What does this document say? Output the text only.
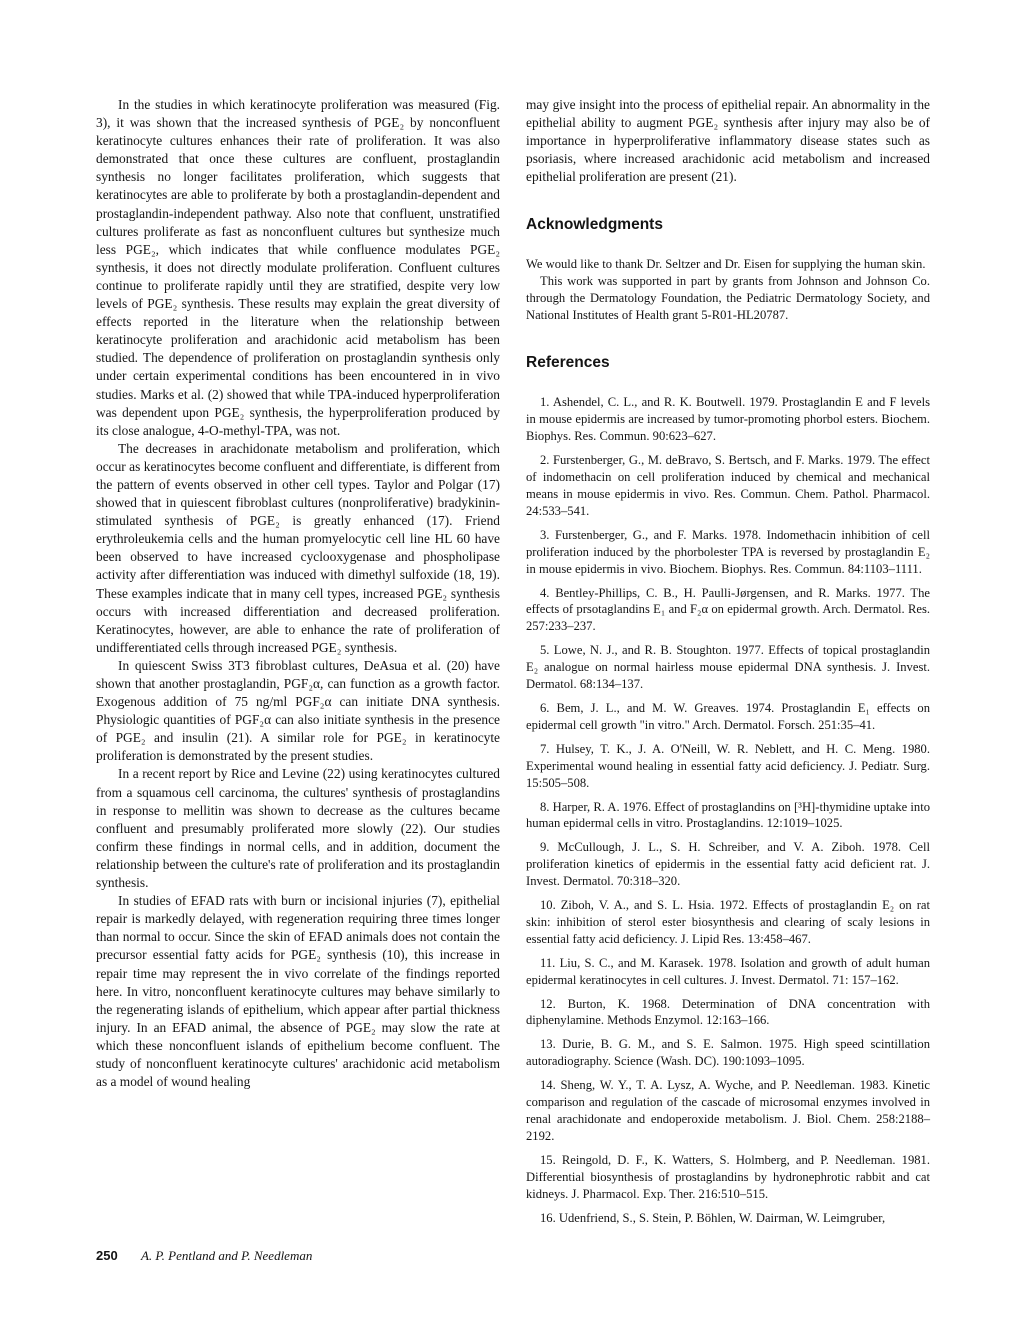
In the studies in which keratinocyte proliferation was measured (Fig. 3), it was shown that the increased synthesis of PGE₂ by nonconfluent keratinocyte cultures enhances their rate of proliferation. It was also demonstrated that once these cultures are confluent, prostaglandin synthesis no longer facilitates proliferation, which suggests that keratinocytes are able to proliferate by both a prostaglandin-dependent and prostaglandin-independent pathway. Also note that confluent, unstratified cultures proliferate as fast as nonconfluent cultures but synthesize much less PGE₂, which indicates that while confluence modulates PGE₂ synthesis, it does not directly modulate proliferation. Confluent cultures continue to proliferate rapidly until they are stratified, despite very low levels of PGE₂ synthesis. These results may explain the great diversity of effects reported in the literature when the relationship between keratinocyte proliferation and arachidonic acid metabolism has been studied. The dependence of proliferation on prostaglandin synthesis only under certain experimental conditions has been encountered in in vivo studies. Marks et al. (2) showed that while TPA-induced hyperproliferation was dependent upon PGE₂ synthesis, the hyperproliferation produced by its close analogue, 4-O-methyl-TPA, was not.

The decreases in arachidonate metabolism and proliferation, which occur as keratinocytes become confluent and differentiate, is different from the pattern of events observed in other cell types. Taylor and Polgar (17) showed that in quiescent fibroblast cultures (nonproliferative) bradykinin-stimulated synthesis of PGE₂ is greatly enhanced (17). Friend erythroleukemia cells and the human promyelocytic cell line HL 60 have been observed to have increased cyclooxygenase and phospholipase activity after differentiation was induced with dimethyl sulfoxide (18, 19). These examples indicate that in many cell types, increased PGE₂ synthesis occurs with increased differentiation and decreased proliferation. Keratinocytes, however, are able to enhance the rate of proliferation of undifferentiated cells through increased PGE₂ synthesis.

In quiescent Swiss 3T3 fibroblast cultures, DeAsua et al. (20) have shown that another prostaglandin, PGF₂α, can function as a growth factor. Exogenous addition of 75 ng/ml PGF₂α can initiate DNA synthesis. Physiologic quantities of PGF₂α can also initiate synthesis in the presence of PGE₂ and insulin (21). A similar role for PGE₂ in keratinocyte proliferation is demonstrated by the present studies.

In a recent report by Rice and Levine (22) using keratinocytes cultured from a squamous cell carcinoma, the cultures' synthesis of prostaglandins in response to mellitin was shown to decrease as the cultures became confluent and presumably proliferated more slowly (22). Our studies confirm these findings in normal cells, and in addition, document the relationship between the culture's rate of proliferation and its prostaglandin synthesis.

In studies of EFAD rats with burn or incisional injuries (7), epithelial repair is markedly delayed, with regeneration requiring three times longer than normal to occur. Since the skin of EFAD animals does not contain the precursor essential fatty acids for PGE₂ synthesis (10), this increase in repair time may represent the in vivo correlate of the findings reported here. In vitro, nonconfluent keratinocyte cultures may behave similarly to the regenerating islands of epithelium, which appear after partial thickness injury. In an EFAD animal, the absence of PGE₂ may slow the rate at which these nonconfluent islands of epithelium become confluent. The study of nonconfluent keratinocyte cultures' arachidonic acid metabolism as a model of wound healing

may give insight into the process of epithelial repair. An abnormality in the epithelial ability to augment PGE₂ synthesis after injury may also be of importance in hyperproliferative inflammatory disease states such as psoriasis, where increased arachidonic acid metabolism and increased epithelial proliferation are present (21).

Acknowledgments

We would like to thank Dr. Seltzer and Dr. Eisen for supplying the human skin.

This work was supported in part by grants from Johnson and Johnson Co. through the Dermatology Foundation, the Pediatric Dermatology Society, and National Institutes of Health grant 5-R01-HL20787.

References

1. Ashendel, C. L., and R. K. Boutwell. 1979. Prostaglandin E and F levels in mouse epidermis are increased by tumor-promoting phorbol esters. Biochem. Biophys. Res. Commun. 90:623–627.

2. Furstenberger, G., M. deBravo, S. Bertsch, and F. Marks. 1979. The effect of indomethacin on cell proliferation induced by chemical and mechanical means in mouse epidermis in vivo. Res. Commun. Chem. Pathol. Pharmacol. 24:533–541.

3. Furstenberger, G., and F. Marks. 1978. Indomethacin inhibition of cell proliferation induced by the phorbolester TPA is reversed by prostaglandin E₂ in mouse epidermis in vivo. Biochem. Biophys. Res. Commun. 84:1103–1111.

4. Bentley-Phillips, C. B., H. Paulli-Jørgensen, and R. Marks. 1977. The effects of prsotaglandins E₁ and F₂α on epidermal growth. Arch. Dermatol. Res. 257:233–237.

5. Lowe, N. J., and R. B. Stoughton. 1977. Effects of topical prostaglandin E₂ analogue on normal hairless mouse epidermal DNA synthesis. J. Invest. Dermatol. 68:134–137.

6. Bem, J. L., and M. W. Greaves. 1974. Prostaglandin E₁ effects on epidermal cell growth "in vitro." Arch. Dermatol. Forsch. 251:35–41.

7. Hulsey, T. K., J. A. O'Neill, W. R. Neblett, and H. C. Meng. 1980. Experimental wound healing in essential fatty acid deficiency. J. Pediatr. Surg. 15:505–508.

8. Harper, R. A. 1976. Effect of prostaglandins on [³H]-thymidine uptake into human epidermal cells in vitro. Prostaglandins. 12:1019–1025.

9. McCullough, J. L., S. H. Schreiber, and V. A. Ziboh. 1978. Cell proliferation kinetics of epidermis in the essential fatty acid deficient rat. J. Invest. Dermatol. 70:318–320.

10. Ziboh, V. A., and S. L. Hsia. 1972. Effects of prostaglandin E₂ on rat skin: inhibition of sterol ester biosynthesis and clearing of scaly lesions in essential fatty acid deficiency. J. Lipid Res. 13:458–467.

11. Liu, S. C., and M. Karasek. 1978. Isolation and growth of adult human epidermal keratinocytes in cell cultures. J. Invest. Dermatol. 71: 157–162.

12. Burton, K. 1968. Determination of DNA concentration with diphenylamine. Methods Enzymol. 12:163–166.

13. Durie, B. G. M., and S. E. Salmon. 1975. High speed scintillation autoradiography. Science (Wash. DC). 190:1093–1095.

14. Sheng, W. Y., T. A. Lysz, A. Wyche, and P. Needleman. 1983. Kinetic comparison and regulation of the cascade of microsomal enzymes involved in renal arachidonate and endoperoxide metabolism. J. Biol. Chem. 258:2188–2192.

15. Reingold, D. F., K. Watters, S. Holmberg, and P. Needleman. 1981. Differential biosynthesis of prostaglandins by hydronephrotic rabbit and cat kidneys. J. Pharmacol. Exp. Ther. 216:510–515.

16. Udenfriend, S., S. Stein, P. Böhlen, W. Dairman, W. Leimgruber,

250 A. P. Pentland and P. Needleman
